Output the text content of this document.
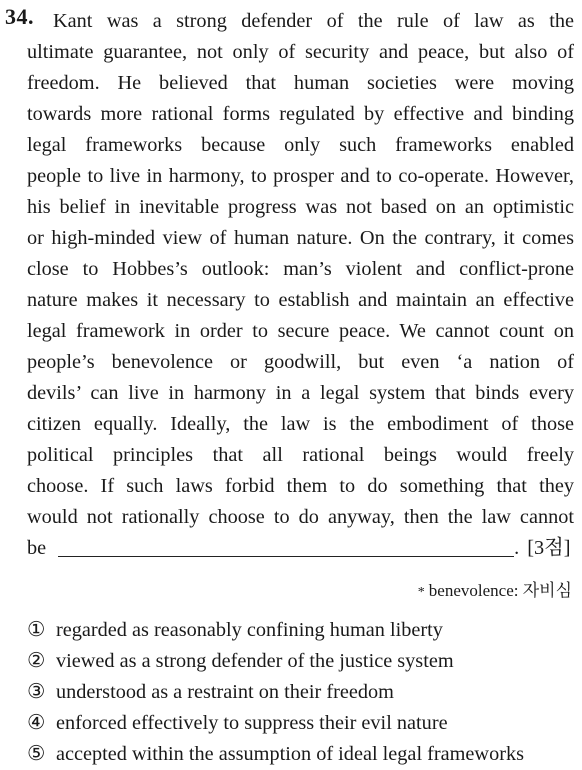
34. Kant was a strong defender of the rule of law as the
ultimate guarantee, not only of security and peace, but also of
freedom. He believed that human societies were moving
towards more rational forms regulated by effective and binding
legal frameworks because only such frameworks enabled
people to live in harmony, to prosper and to co-operate. However,
his belief in inevitable progress was not based on an optimistic
or high-minded view of human nature. On the contrary, it comes
close to Hobbes’s outlook: man’s violent and conflict-prone
nature makes it necessary to establish and maintain an effective
legal framework in order to secure peace. We cannot count on
people’s benevolence or goodwill, but even ‘a nation of
devils’ can live in harmony in a legal system that binds every
citizen equally. Ideally, the law is the embodiment of those
political principles that all rational beings would freely
choose. If such laws forbid them to do something that they
would not rationally choose to do anyway, then the law cannot
be	. [3점]
* benevolence: 자비심
① regarded as reasonably confining human liberty
② viewed as a strong defender of the justice system
③ understood as a restraint on their freedom
④ enforced effectively to suppress their evil nature
⑤ accepted within the assumption of ideal legal frameworks
